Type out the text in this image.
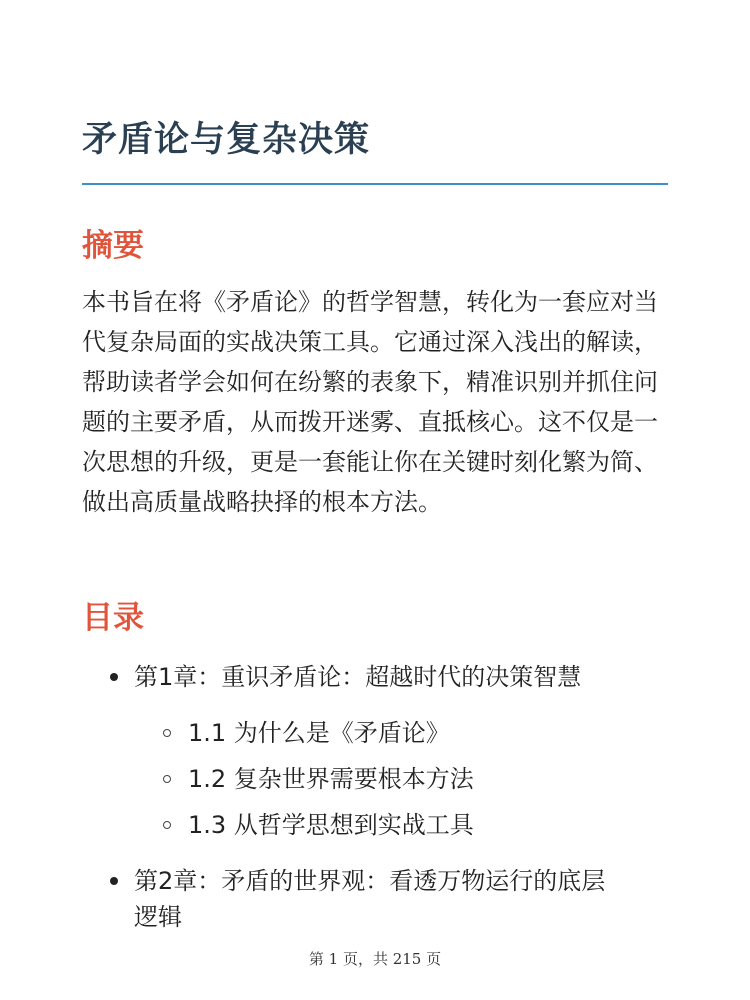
矛盾论与复杂决策
摘要

本书旨在将《矛盾论》的哲学智慧，转化为一套应对当代复杂局面的实战决策工具。它通过深入浅出的解读，帮助读者学会如何在纷繁的表象下，精准识别并抓住问题的主要矛盾，从而拨开迷雾、直抵核心。这不仅是一次思想的升级，更是一套能让你在关键时刻化繁为简、做出高质量战略抉择的根本方法。

目录
第1章：重识矛盾论：超越时代的决策智慧
1.1 为什么是《矛盾论》
1.2 复杂世界需要根本方法
1.3 从哲学思想到实战工具
第2章：矛盾的世界观：看透万物运行的底层
逻辑
第 1 页，共 215 页
